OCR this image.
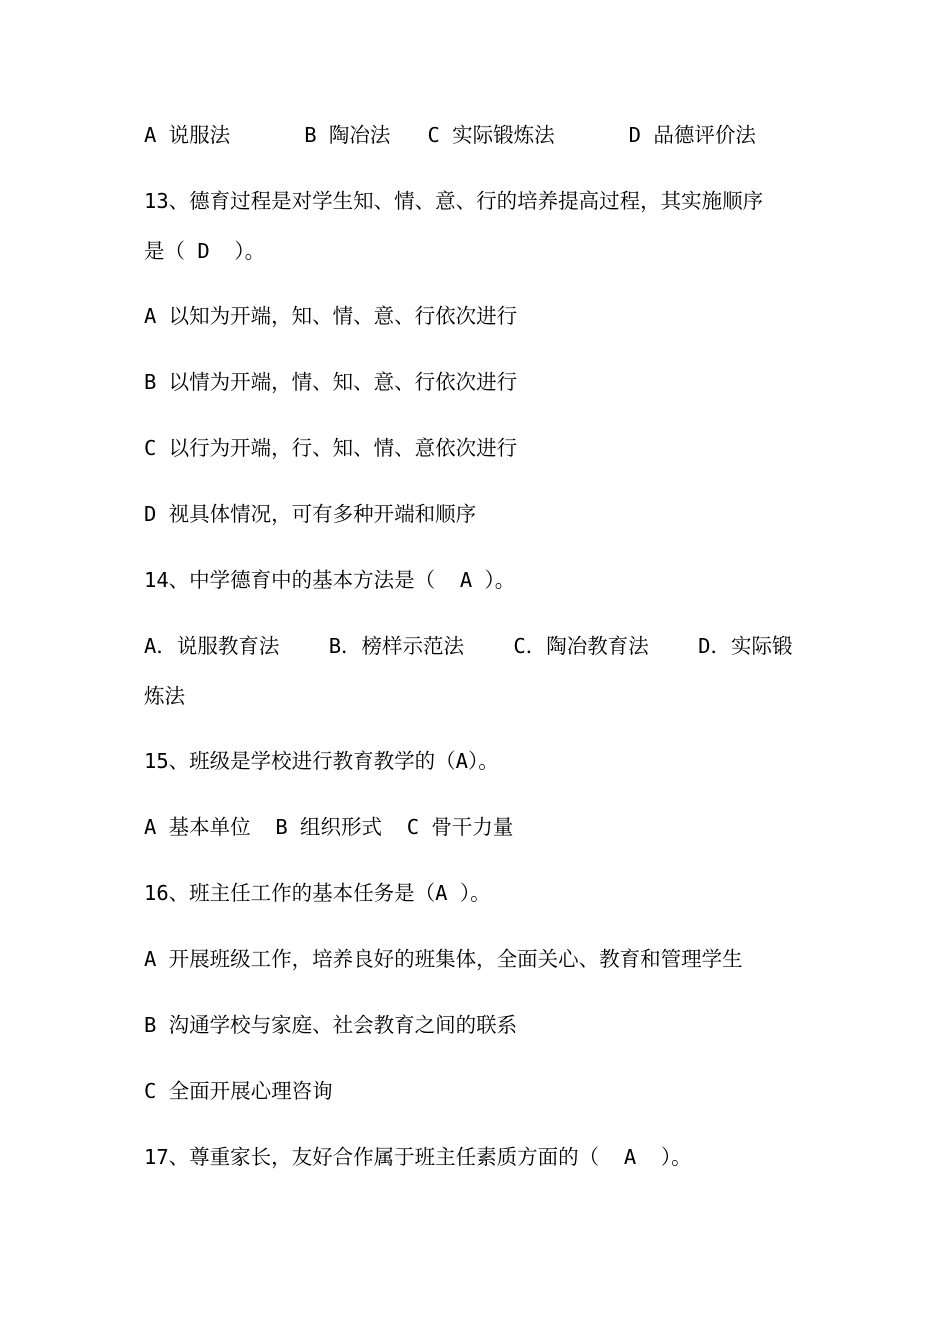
A 说服法      B 陶冶法   C 实际锻炼法      D 品德评价法
13、德育过程是对学生知、情、意、行的培养提高过程，其实施顺序
是（ D  ）。
A 以知为开端，知、情、意、行依次进行
B 以情为开端，情、知、意、行依次进行
C 以行为开端，行、知、情、意依次进行
D 视具体情况，可有多种开端和顺序
14、中学德育中的基本方法是（  A ）。
A．说服教育法    B．榜样示范法    C．陶冶教育法    D．实际锻
炼法
15、班级是学校进行教育教学的（A）。
A 基本单位  B 组织形式  C 骨干力量
16、班主任工作的基本任务是（A ）。
A 开展班级工作，培养良好的班集体，全面关心、教育和管理学生
B 沟通学校与家庭、社会教育之间的联系
C 全面开展心理咨询
17、尊重家长，友好合作属于班主任素质方面的（  A  ）。
